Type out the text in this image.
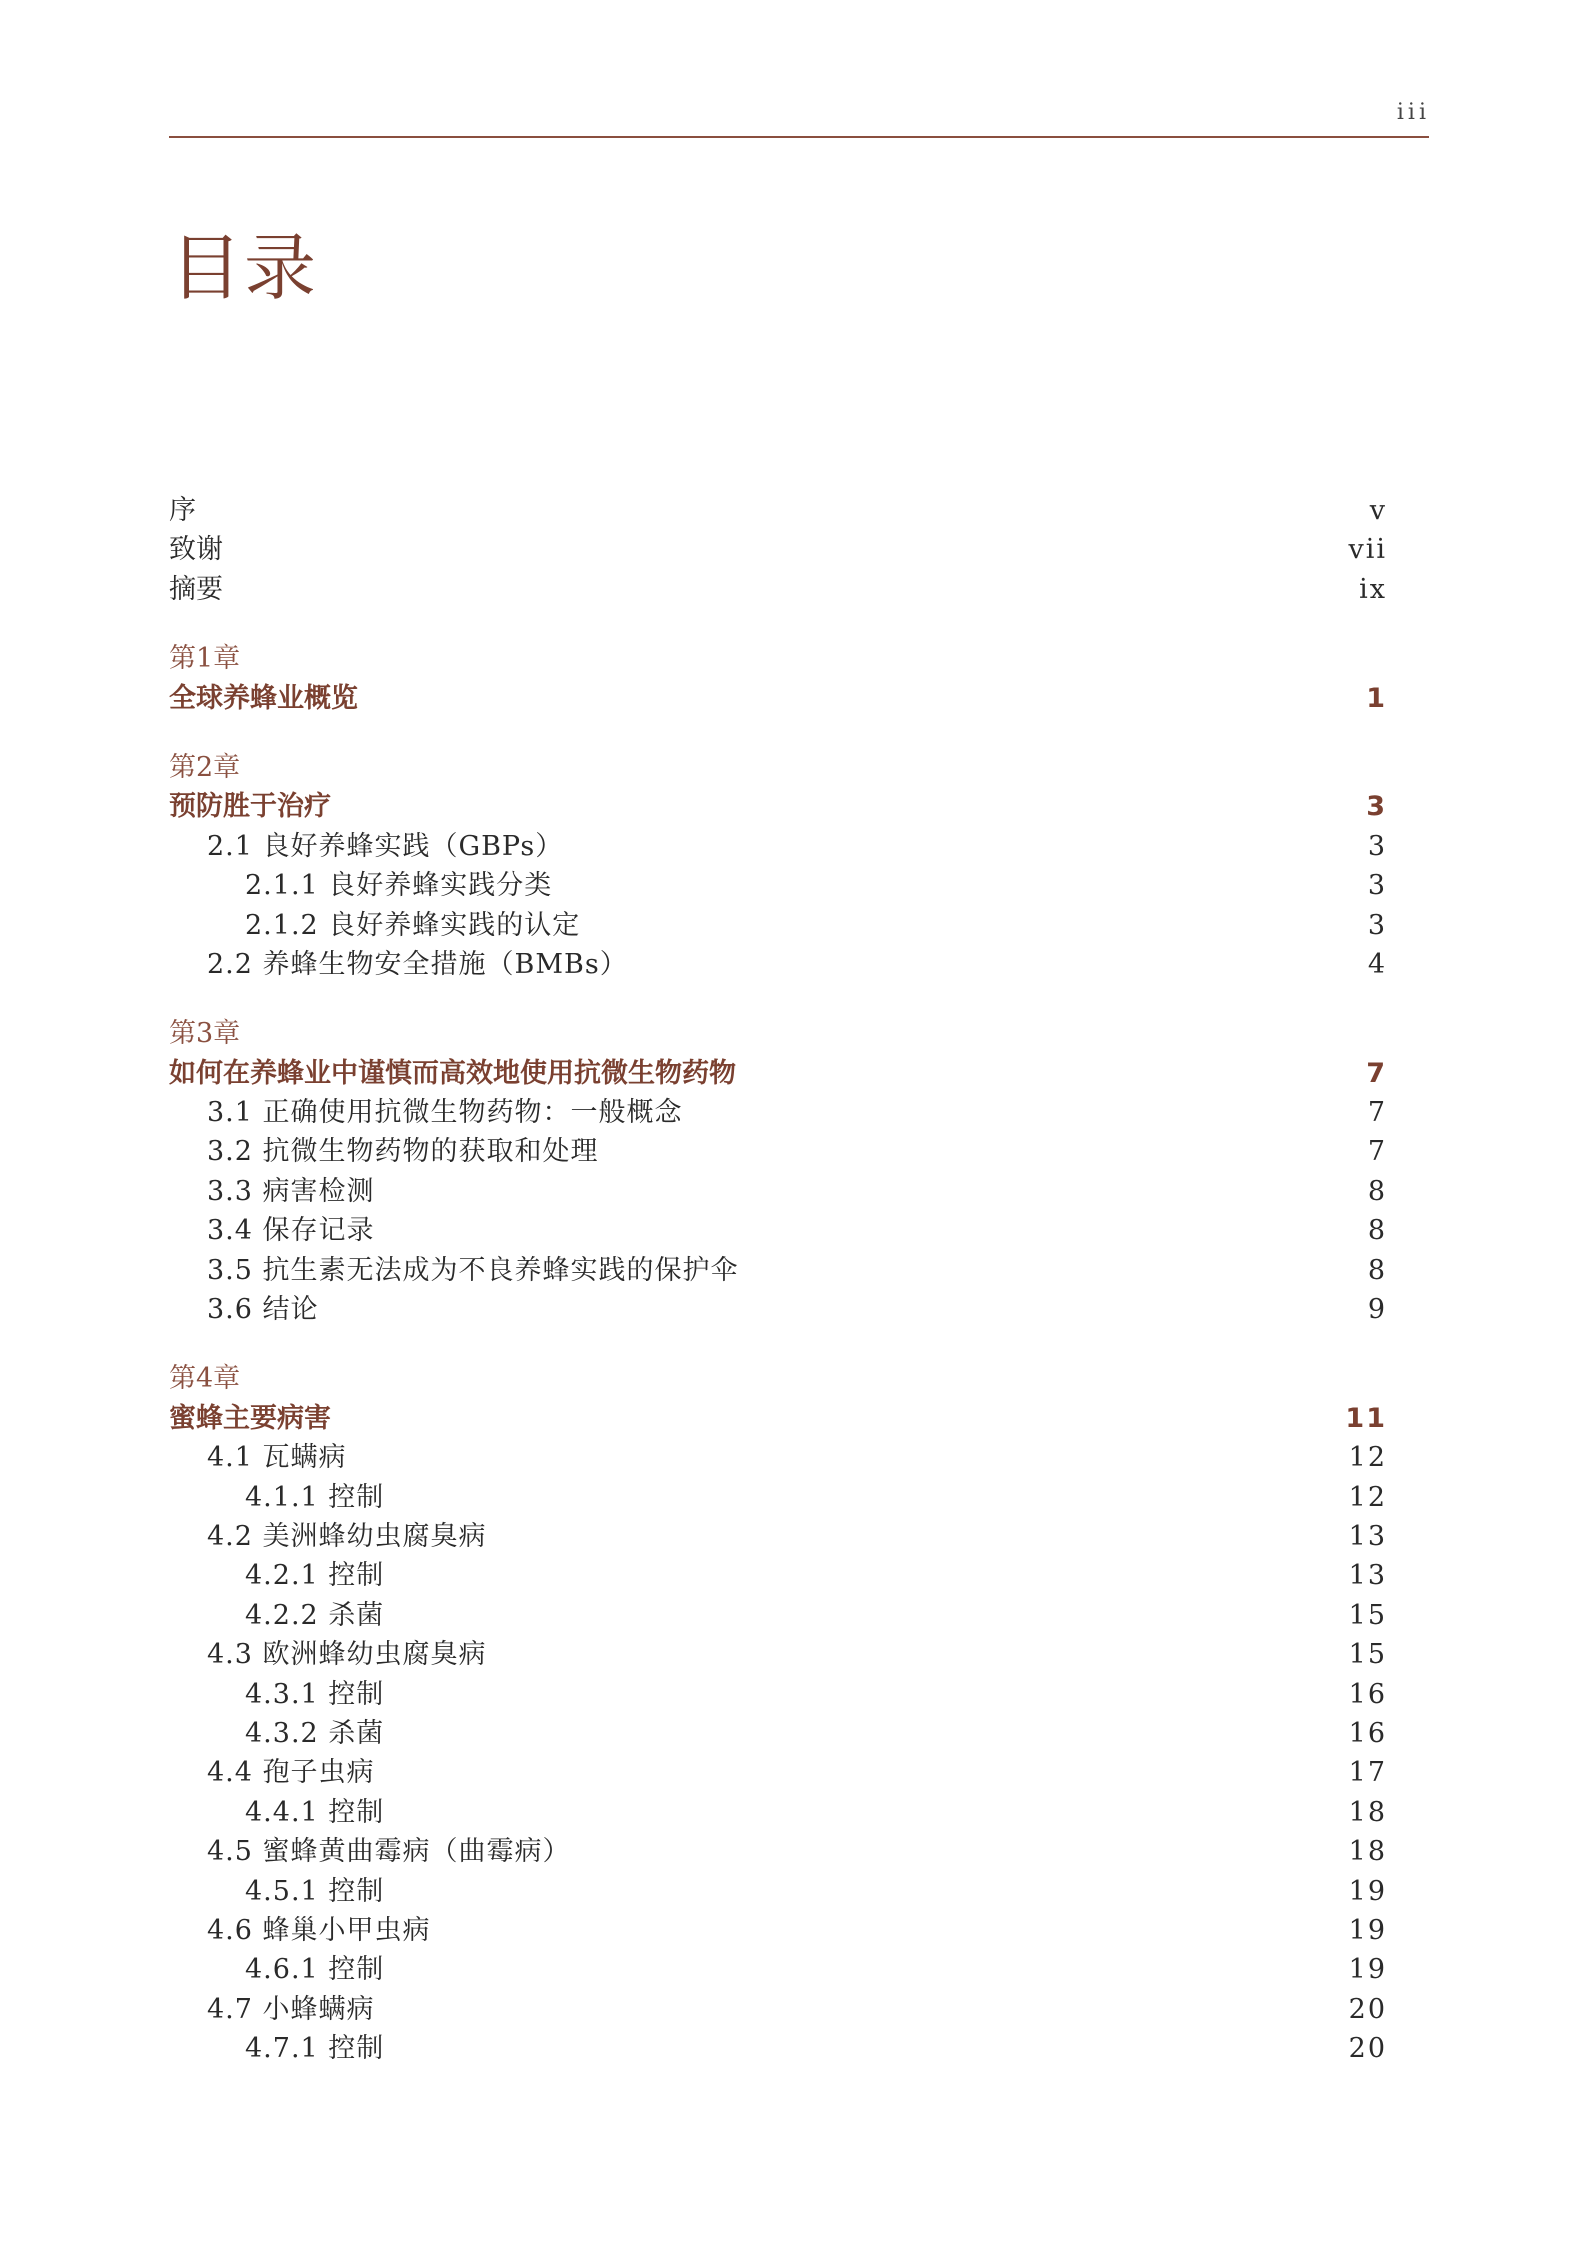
iii
目录
序	v
致谢	vii
摘要	ix
第1章
全球养蜂业概览	1
第2章
预防胜于治疗	3
2.1 良好养蜂实践（GBPs）	3
2.1.1 良好养蜂实践分类	3
2.1.2 良好养蜂实践的认定	3
2.2 养蜂生物安全措施（BMBs）	4
第3章
如何在养蜂业中谨慎而高效地使用抗微生物药物	7
3.1 正确使用抗微生物药物：一般概念	7
3.2 抗微生物药物的获取和处理	7
3.3 病害检测	8
3.4 保存记录	8
3.5 抗生素无法成为不良养蜂实践的保护伞	8
3.6 结论	9
第4章
蜜蜂主要病害	11
4.1 瓦螨病	12
4.1.1 控制	12
4.2 美洲蜂幼虫腐臭病	13
4.2.1 控制	13
4.2.2 杀菌	15
4.3 欧洲蜂幼虫腐臭病	15
4.3.1 控制	16
4.3.2 杀菌	16
4.4 孢子虫病	17
4.4.1 控制	18
4.5 蜜蜂黄曲霉病（曲霉病）	18
4.5.1 控制	19
4.6 蜂巢小甲虫病	19
4.6.1 控制	19
4.7 小蜂螨病	20
4.7.1 控制	20
